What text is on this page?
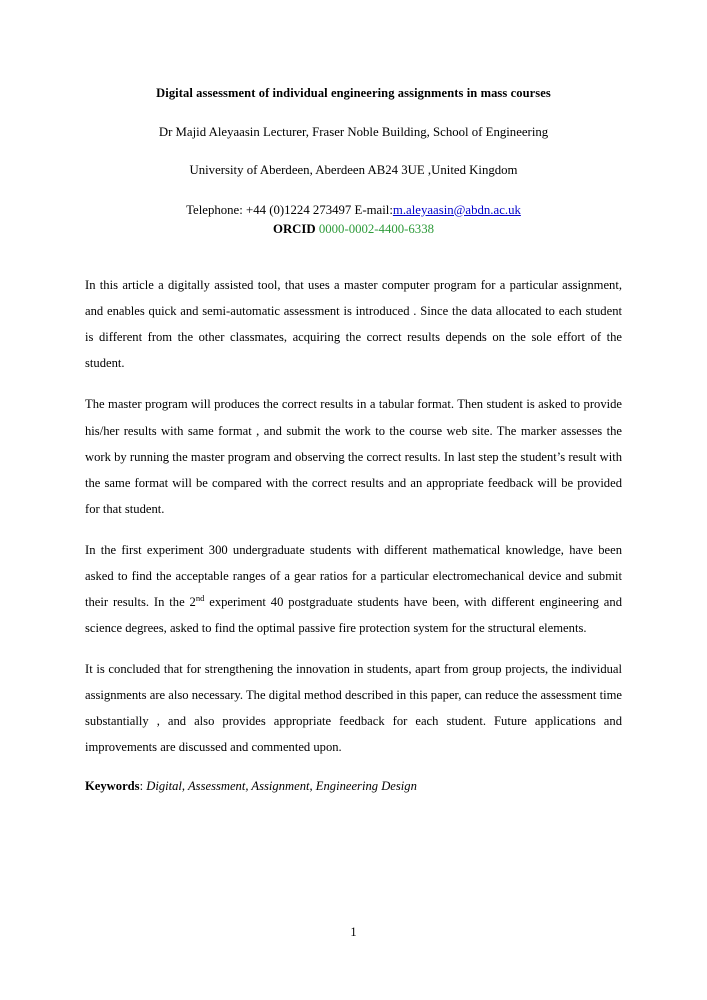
Digital assessment of individual engineering assignments in mass courses
Dr Majid Aleyaasin Lecturer, Fraser Noble Building, School of Engineering
University of Aberdeen, Aberdeen AB24 3UE ,United Kingdom
Telephone: +44 (0)1224 273497 E-mail:m.aleyaasin@abdn.ac.uk
ORCID 0000-0002-4400-6338

In this article a digitally assisted tool, that uses a master computer program for a particular assignment, and enables quick and semi-automatic assessment is introduced . Since the data allocated to each student is different from the other classmates, acquiring the correct results depends on the sole effort of the student.

The master program will produces the correct results in a tabular format. Then student is asked to provide his/her results with same format , and submit the work to the course web site. The marker assesses the work by running the master program and observing the correct results. In last step the student’s result with the same format will be compared with the correct results and an appropriate feedback will be provided for that student.

In the first experiment 300 undergraduate students with different mathematical knowledge, have been asked to find the acceptable ranges of a gear ratios for a particular electromechanical device and submit their results. In the 2nd experiment 40 postgraduate students have been, with different engineering and science degrees, asked to find the optimal passive fire protection system for the structural elements.

It is concluded that for strengthening the innovation in students, apart from group projects, the individual assignments are also necessary. The digital method described in this paper, can reduce the assessment time substantially , and also provides appropriate feedback for each student. Future applications and improvements are discussed and commented upon.

Keywords: Digital, Assessment, Assignment, Engineering Design
1
